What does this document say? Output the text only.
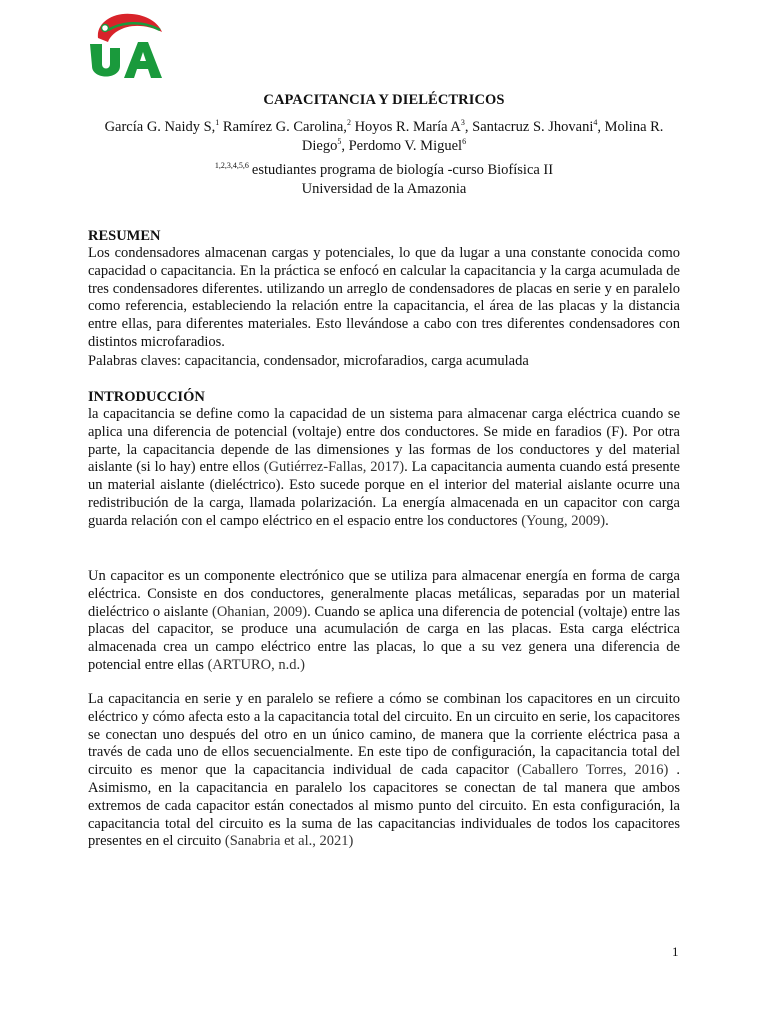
CAPACITANCIA Y DIELÉCTRICOS
García G. Naidy S,$^1$ Ramírez G. Carolina,$^2$ Hoyos R. María $A^3$, Santacruz S. Jhovani$^4$, Molina R. Diego$^5$, Perdomo V. Miguel$^6$
$^{1,2,3,4,5,6}$ estudiantes programa de biología -curso Biofísica II
Universidad de la Amazonia
RESUMEN

Los condensadores almacenan cargas y potenciales, lo que da lugar a una constante conocida como capacidad o capacitancia. En la práctica se enfocó en calcular la capacitancia y la carga acumulada de tres condensadores diferentes. utilizando un arreglo de condensadores de placas en serie y en paralelo como referencia, estableciendo la relación entre la capacitancia, el área de las placas y la distancia entre ellas, para diferentes materiales. Esto llevándose a cabo con tres diferentes condensadores con distintos microfaradios.

Palabras claves: capacitancia, condensador, microfaradios, carga acumulada

INTRODUCCIÓN

la capacitancia se define como la capacidad de un sistema para almacenar carga eléctrica cuando se aplica una diferencia de potencial (voltaje) entre dos conductores. Se mide en faradios (F). Por otra parte, la capacitancia depende de las dimensiones y las formas de los conductores y del material aislante (si lo hay) entre ellos (Gutiérrez-Fallas, 2017). La capacitancia aumenta cuando está presente un material aislante (dieléctrico). Esto sucede porque en el interior del material aislante ocurre una redistribución de la carga, llamada polarización. La energía almacenada en un capacitor con carga guarda relación con el campo eléctrico en el espacio entre los conductores (Young, 2009).

Un capacitor es un componente electrónico que se utiliza para almacenar energía en forma de carga eléctrica. Consiste en dos conductores, generalmente placas metálicas, separadas por un material dieléctrico o aislante (Ohanian, 2009). Cuando se aplica una diferencia de potencial (voltaje) entre las placas del capacitor, se produce una acumulación de carga en las placas. Esta carga eléctrica almacenada crea un campo eléctrico entre las placas, lo que a su vez genera una diferencia de potencial entre ellas (ARTURO, n.d.)

La capacitancia en serie y en paralelo se refiere a cómo se combinan los capacitores en un circuito eléctrico y cómo afecta esto a la capacitancia total del circuito. En un circuito en serie, los capacitores se conectan uno después del otro en un único camino, de manera que la corriente eléctrica pasa a través de cada uno de ellos secuencialmente. En este tipo de configuración, la capacitancia total del circuito es menor que la capacitancia individual de cada capacitor (Caballero Torres, 2016) . Asimismo, en la capacitancia en paralelo los capacitores se conectan de tal manera que ambos extremos de cada capacitor están conectados al mismo punto del circuito. En esta configuración, la capacitancia total del circuito es la suma de las capacitancias individuales de todos los capacitores presentes en el circuito (Sanabria et al., 2021)

1
